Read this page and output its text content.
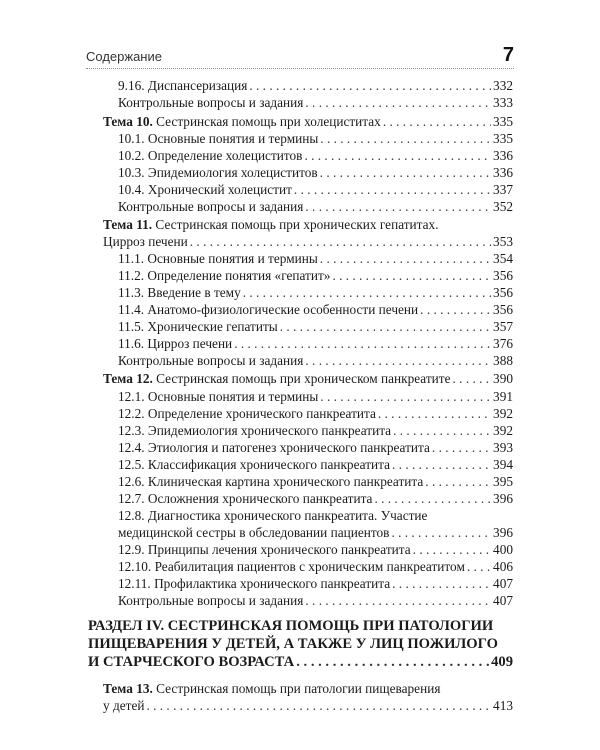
Содержание	7
9.16. Диспансеризация . . .	332
Контрольные вопросы и задания . . .	333
Тема 10. Сестринская помощь при холециститах . . .	335
10.1. Основные понятия и термины . . .	335
10.2. Определение холециститов . . .	336
10.3. Эпидемиология холециститов . . .	336
10.4. Хронический холецистит . . .	337
Контрольные вопросы и задания . . .	352
Тема 11. Сестринская помощь при хронических гепатитах.
Цирроз печени . . .	353
11.1. Основные понятия и термины . . .	354
11.2. Определение понятия «гепатит» . . .	356
11.3. Введение в тему . . .	356
11.4. Анатомо-физиологические особенности печени . . .	356
11.5. Хронические гепатиты . . .	357
11.6. Цирроз печени . . .	376
Контрольные вопросы и задания . . .	388
Тема 12. Сестринская помощь при хроническом панкреатите . . .	390
12.1. Основные понятия и термины . . .	391
12.2. Определение хронического панкреатита . . .	392
12.3. Эпидемиология хронического панкреатита . . .	392
12.4. Этиология и патогенез хронического панкреатита . . .	393
12.5. Классификация хронического панкреатита . . .	394
12.6. Клиническая картина хронического панкреатита . . .	395
12.7. Осложнения хронического панкреатита . . .	396
12.8. Диагностика хронического панкреатита. Участие
медицинской сестры в обследовании пациентов . . .	396
12.9. Принципы лечения хронического панкреатита . . .	400
12.10. Реабилитация пациентов с хроническим панкреатитом . . . 406
12.11. Профилактика хронического панкреатита . . .	407
Контрольные вопросы и задания . . .	407
РАЗДЕЛ IV. СЕСТРИНСКАЯ ПОМОЩЬ ПРИ ПАТОЛОГИИ
ПИЩЕВАРЕНИЯ У ДЕТЕЙ, А ТАКЖЕ У ЛИЦ ПОЖИЛОГО
И СТАРЧЕСКОГО ВОЗРАСТА . . .	409
Тема 13. Сестринская помощь при патологии пищеварения
у детей . . .	413
